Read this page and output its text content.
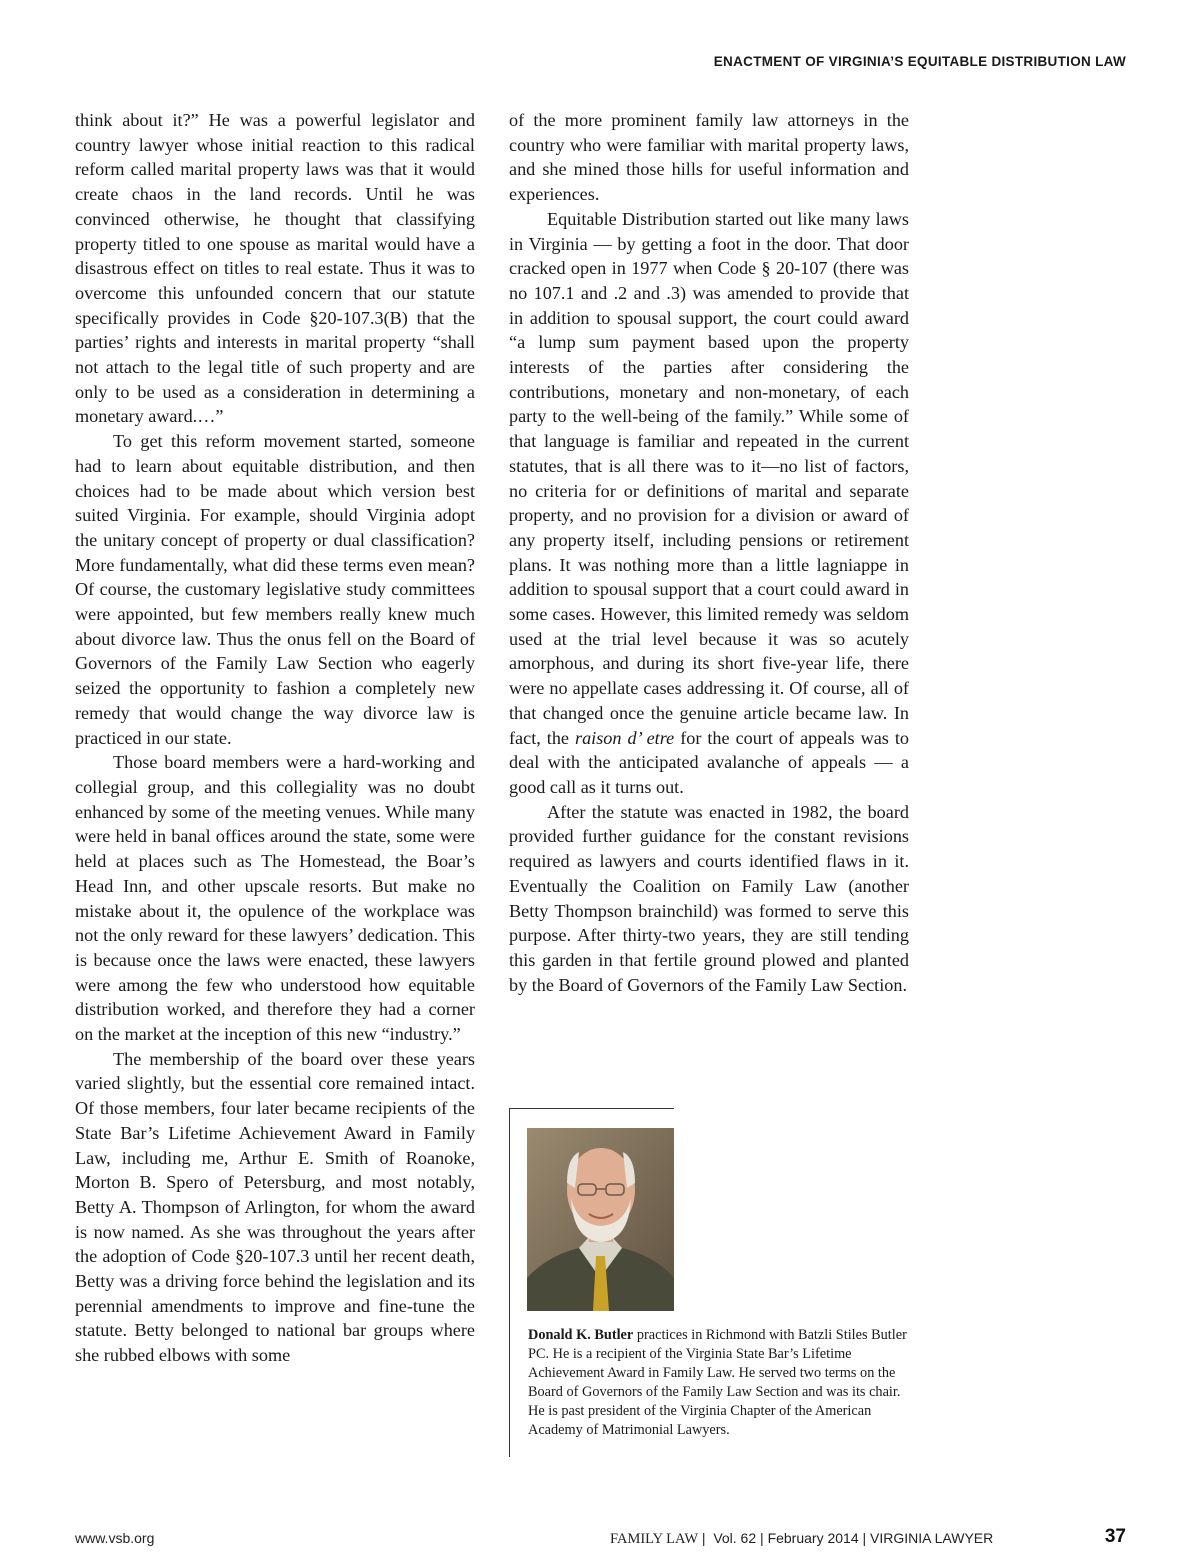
ENACTMENT OF VIRGINIA’S EQUITABLE DISTRIBUTION LAW

think about it?” He was a powerful legislator and country lawyer whose initial reaction to this radical reform called marital property laws was that it would create chaos in the land records. Until he was convinced otherwise, he thought that classifying property titled to one spouse as marital would have a disastrous effect on titles to real estate. Thus it was to overcome this unfounded concern that our statute specifically provides in Code §20-107.3(B) that the parties’ rights and interests in marital property “shall not attach to the legal title of such property and are only to be used as a consideration in determining a monetary award.…”

To get this reform movement started, someone had to learn about equitable distribution, and then choices had to be made about which version best suited Virginia. For example, should Virginia adopt the unitary concept of property or dual classification? More fundamentally, what did these terms even mean? Of course, the customary legislative study committees were appointed, but few members really knew much about divorce law. Thus the onus fell on the Board of Governors of the Family Law Section who eagerly seized the opportunity to fashion a completely new remedy that would change the way divorce law is practiced in our state.

Those board members were a hard-working and collegial group, and this collegiality was no doubt enhanced by some of the meeting venues. While many were held in banal offices around the state, some were held at places such as The Homestead, the Boar’s Head Inn, and other upscale resorts. But make no mistake about it, the opulence of the workplace was not the only reward for these lawyers’ dedication. This is because once the laws were enacted, these lawyers were among the few who understood how equitable distribution worked, and therefore they had a corner on the market at the inception of this new “industry.”

The membership of the board over these years varied slightly, but the essential core remained intact. Of those members, four later became recipients of the State Bar’s Lifetime Achievement Award in Family Law, including me, Arthur E. Smith of Roanoke, Morton B. Spero of Petersburg, and most notably, Betty A. Thompson of Arlington, for whom the award is now named. As she was throughout the years after the adoption of Code §20-107.3 until her recent death, Betty was a driving force behind the legislation and its perennial amendments to improve and fine-tune the statute. Betty belonged to national bar groups where she rubbed elbows with some

of the more prominent family law attorneys in the country who were familiar with marital property laws, and she mined those hills for useful information and experiences.

Equitable Distribution started out like many laws in Virginia — by getting a foot in the door. That door cracked open in 1977 when Code § 20-107 (there was no 107.1 and .2 and .3) was amended to provide that in addition to spousal support, the court could award “a lump sum payment based upon the property interests of the parties after considering the contributions, monetary and non-monetary, of each party to the well-being of the family.” While some of that language is familiar and repeated in the current statutes, that is all there was to it—no list of factors, no criteria for or definitions of marital and separate property, and no provision for a division or award of any property itself, including pensions or retirement plans. It was nothing more than a little lagniappe in addition to spousal support that a court could award in some cases. However, this limited remedy was seldom used at the trial level because it was so acutely amorphous, and during its short five-year life, there were no appellate cases addressing it. Of course, all of that changed once the genuine article became law. In fact, the raison d’ etre for the court of appeals was to deal with the anticipated avalanche of appeals — a good call as it turns out.

After the statute was enacted in 1982, the board provided further guidance for the constant revisions required as lawyers and courts identified flaws in it. Eventually the Coalition on Family Law (another Betty Thompson brainchild) was formed to serve this purpose. After thirty-two years, they are still tending this garden in that fertile ground plowed and planted by the Board of Governors of the Family Law Section.

Donald K. Butler practices in Richmond with Batzli Stiles Butler PC. He is a recipient of the Virginia State Bar’s Lifetime Achievement Award in Family Law. He served two terms on the Board of Governors of the Family Law Section and was its chair. He is past president of the Virginia Chapter of the American Academy of Matrimonial Lawyers.
www.vsb.org	FAMILY LAW | Vol. 62 | February 2014 | VIRGINIA LAWYER	37
